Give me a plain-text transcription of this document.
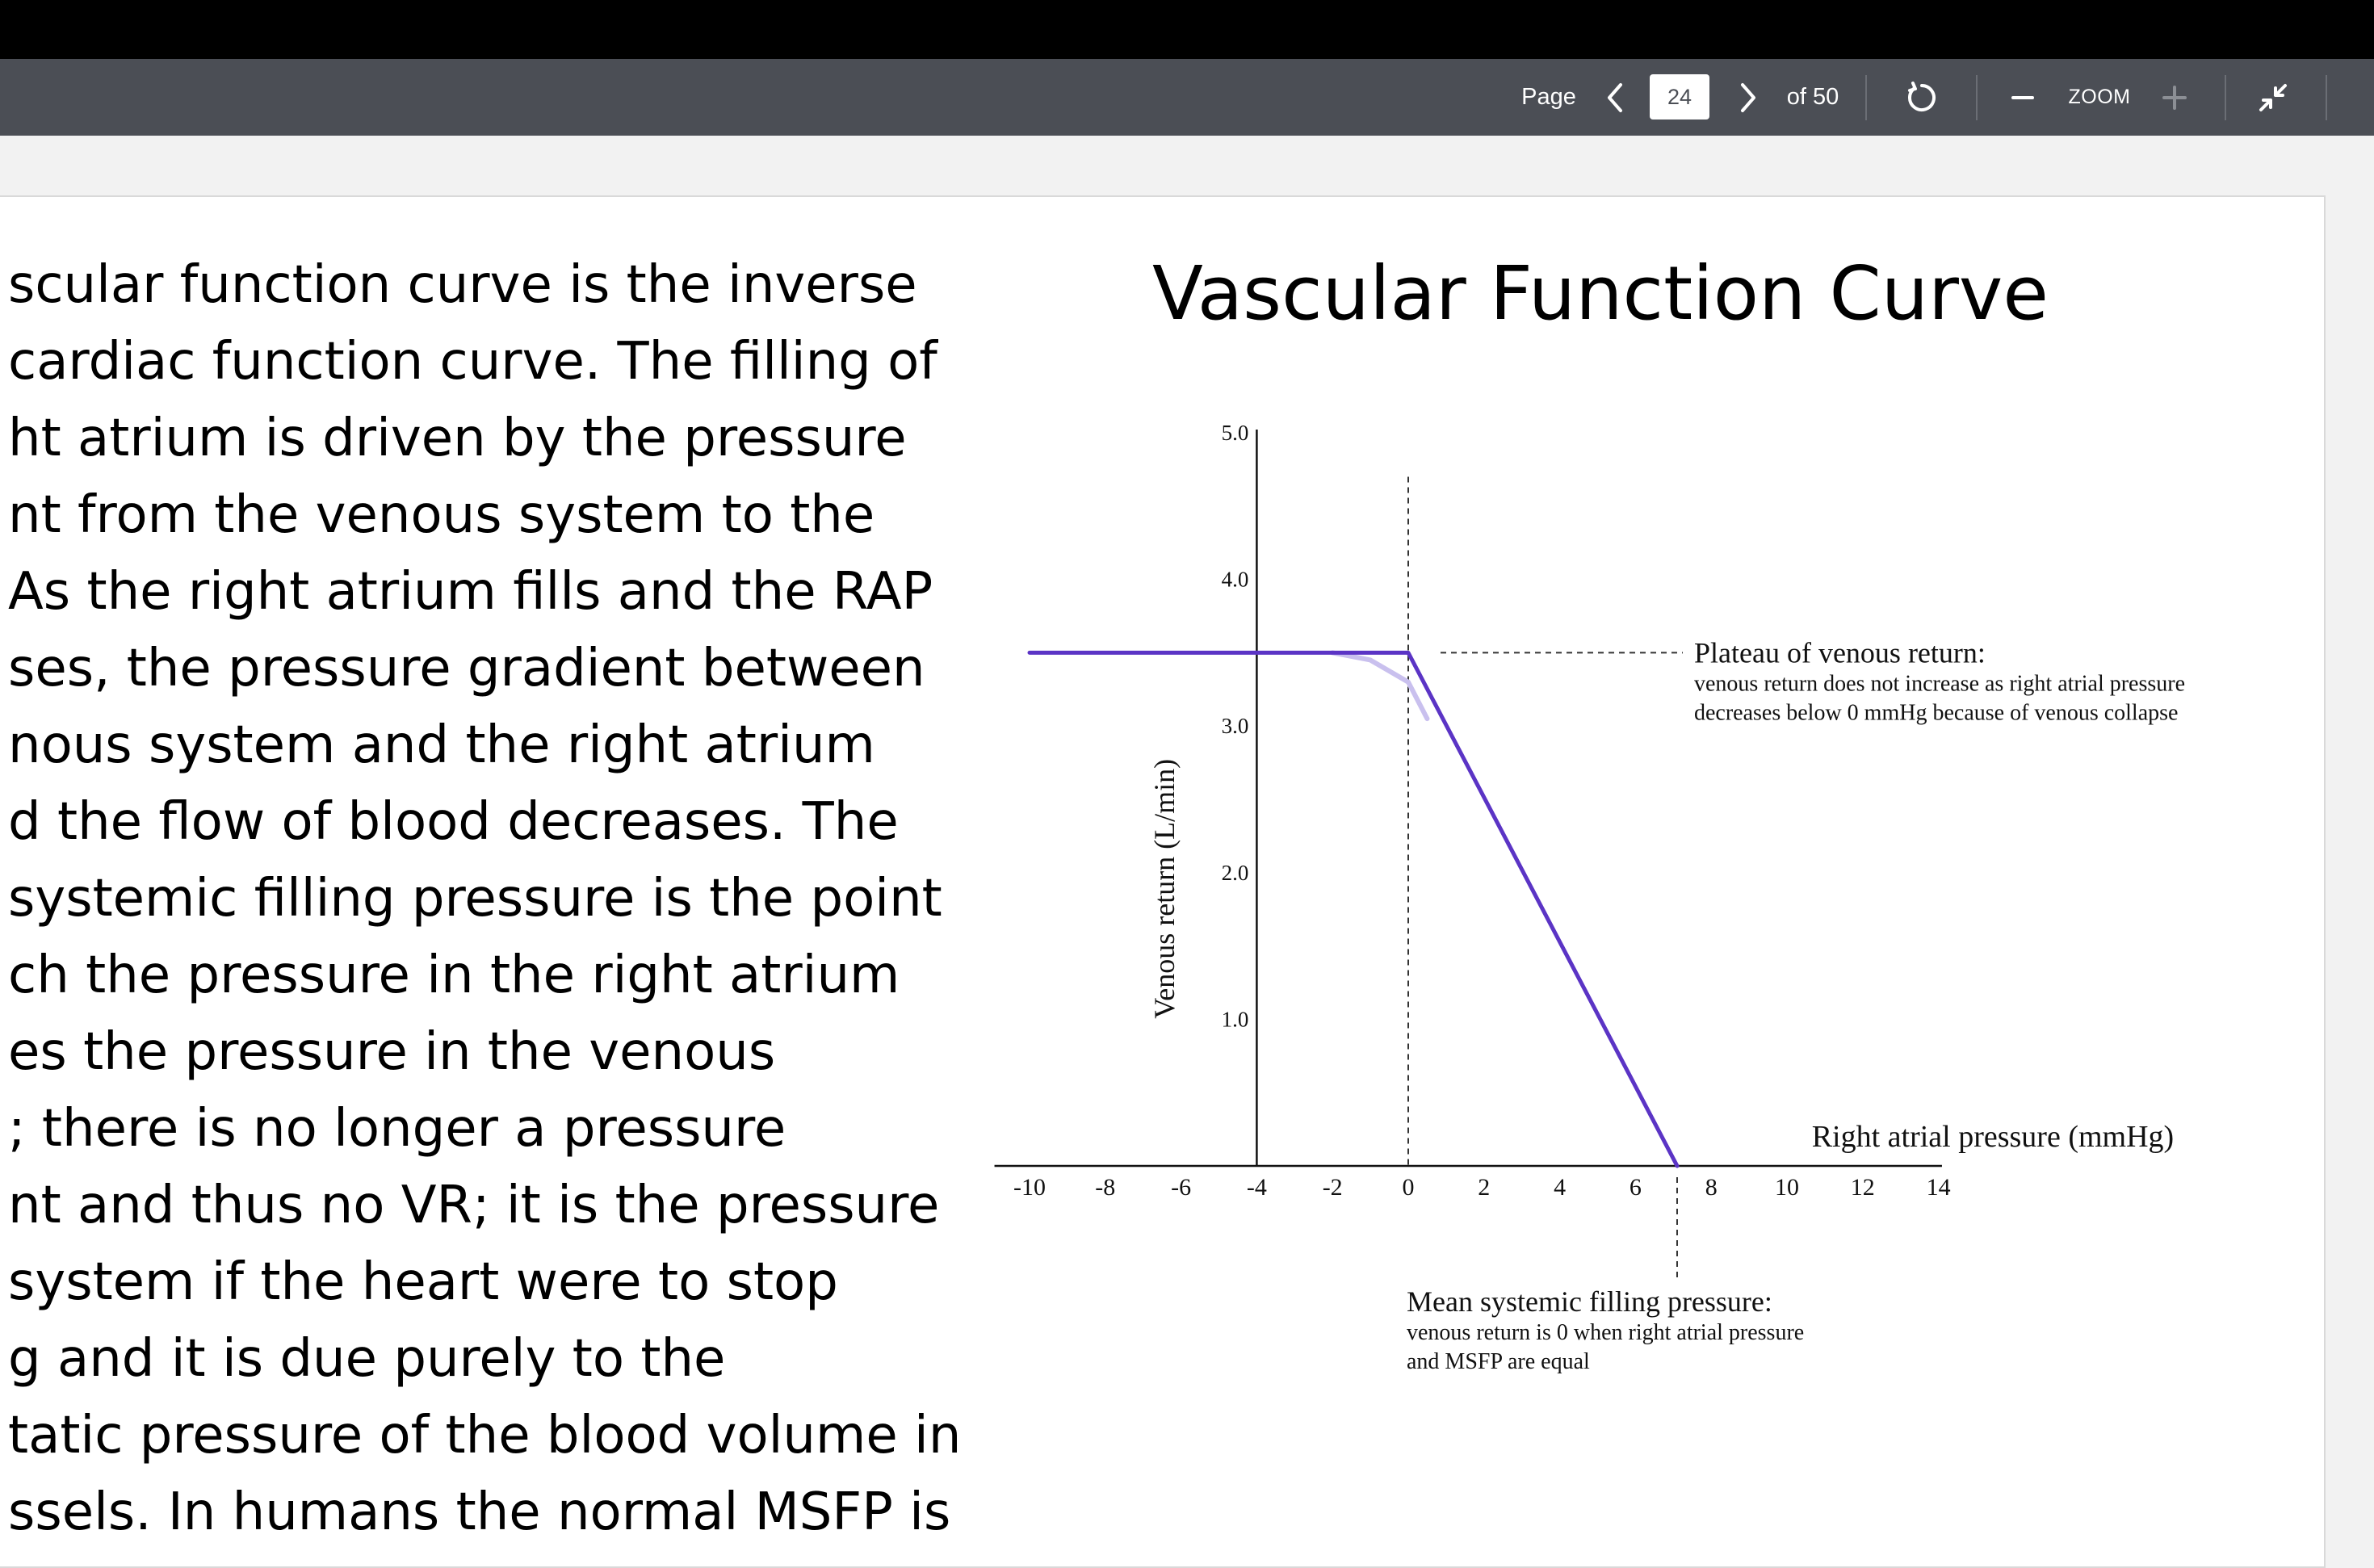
Page	of 50	ZOOM
24
scular function curve is the inverse
cardiac function curve. The filling of
ht atrium is driven by the pressure
nt from the venous system to the
As the right atrium fills and the RAP
ses, the pressure gradient between
nous system and the right atrium
d the flow of blood decreases. The
systemic filling pressure is the point
ch the pressure in the right atrium
es the pressure in the venous
; there is no longer a pressure
nt and thus no VR; it is the pressure
system if the heart were to stop
g and it is due purely to the
tatic pressure of the blood volume in
ssels. In humans the normal MSFP is
Vascular Function Curve
-10 -8 -6 -4 -2 0	2	4	6	8 10 12 14
1.0
2.0
3.0
4.0
5.0
Venous return (L/min)
Right atrial pressure (mmHg)
Plateau of venous return:
venous return does not increase as right atrial pressure
decreases below 0 mmHg because of venous collapse
Mean systemic filling pressure:
venous return is 0 when right atrial pressure
and MSFP are equal
